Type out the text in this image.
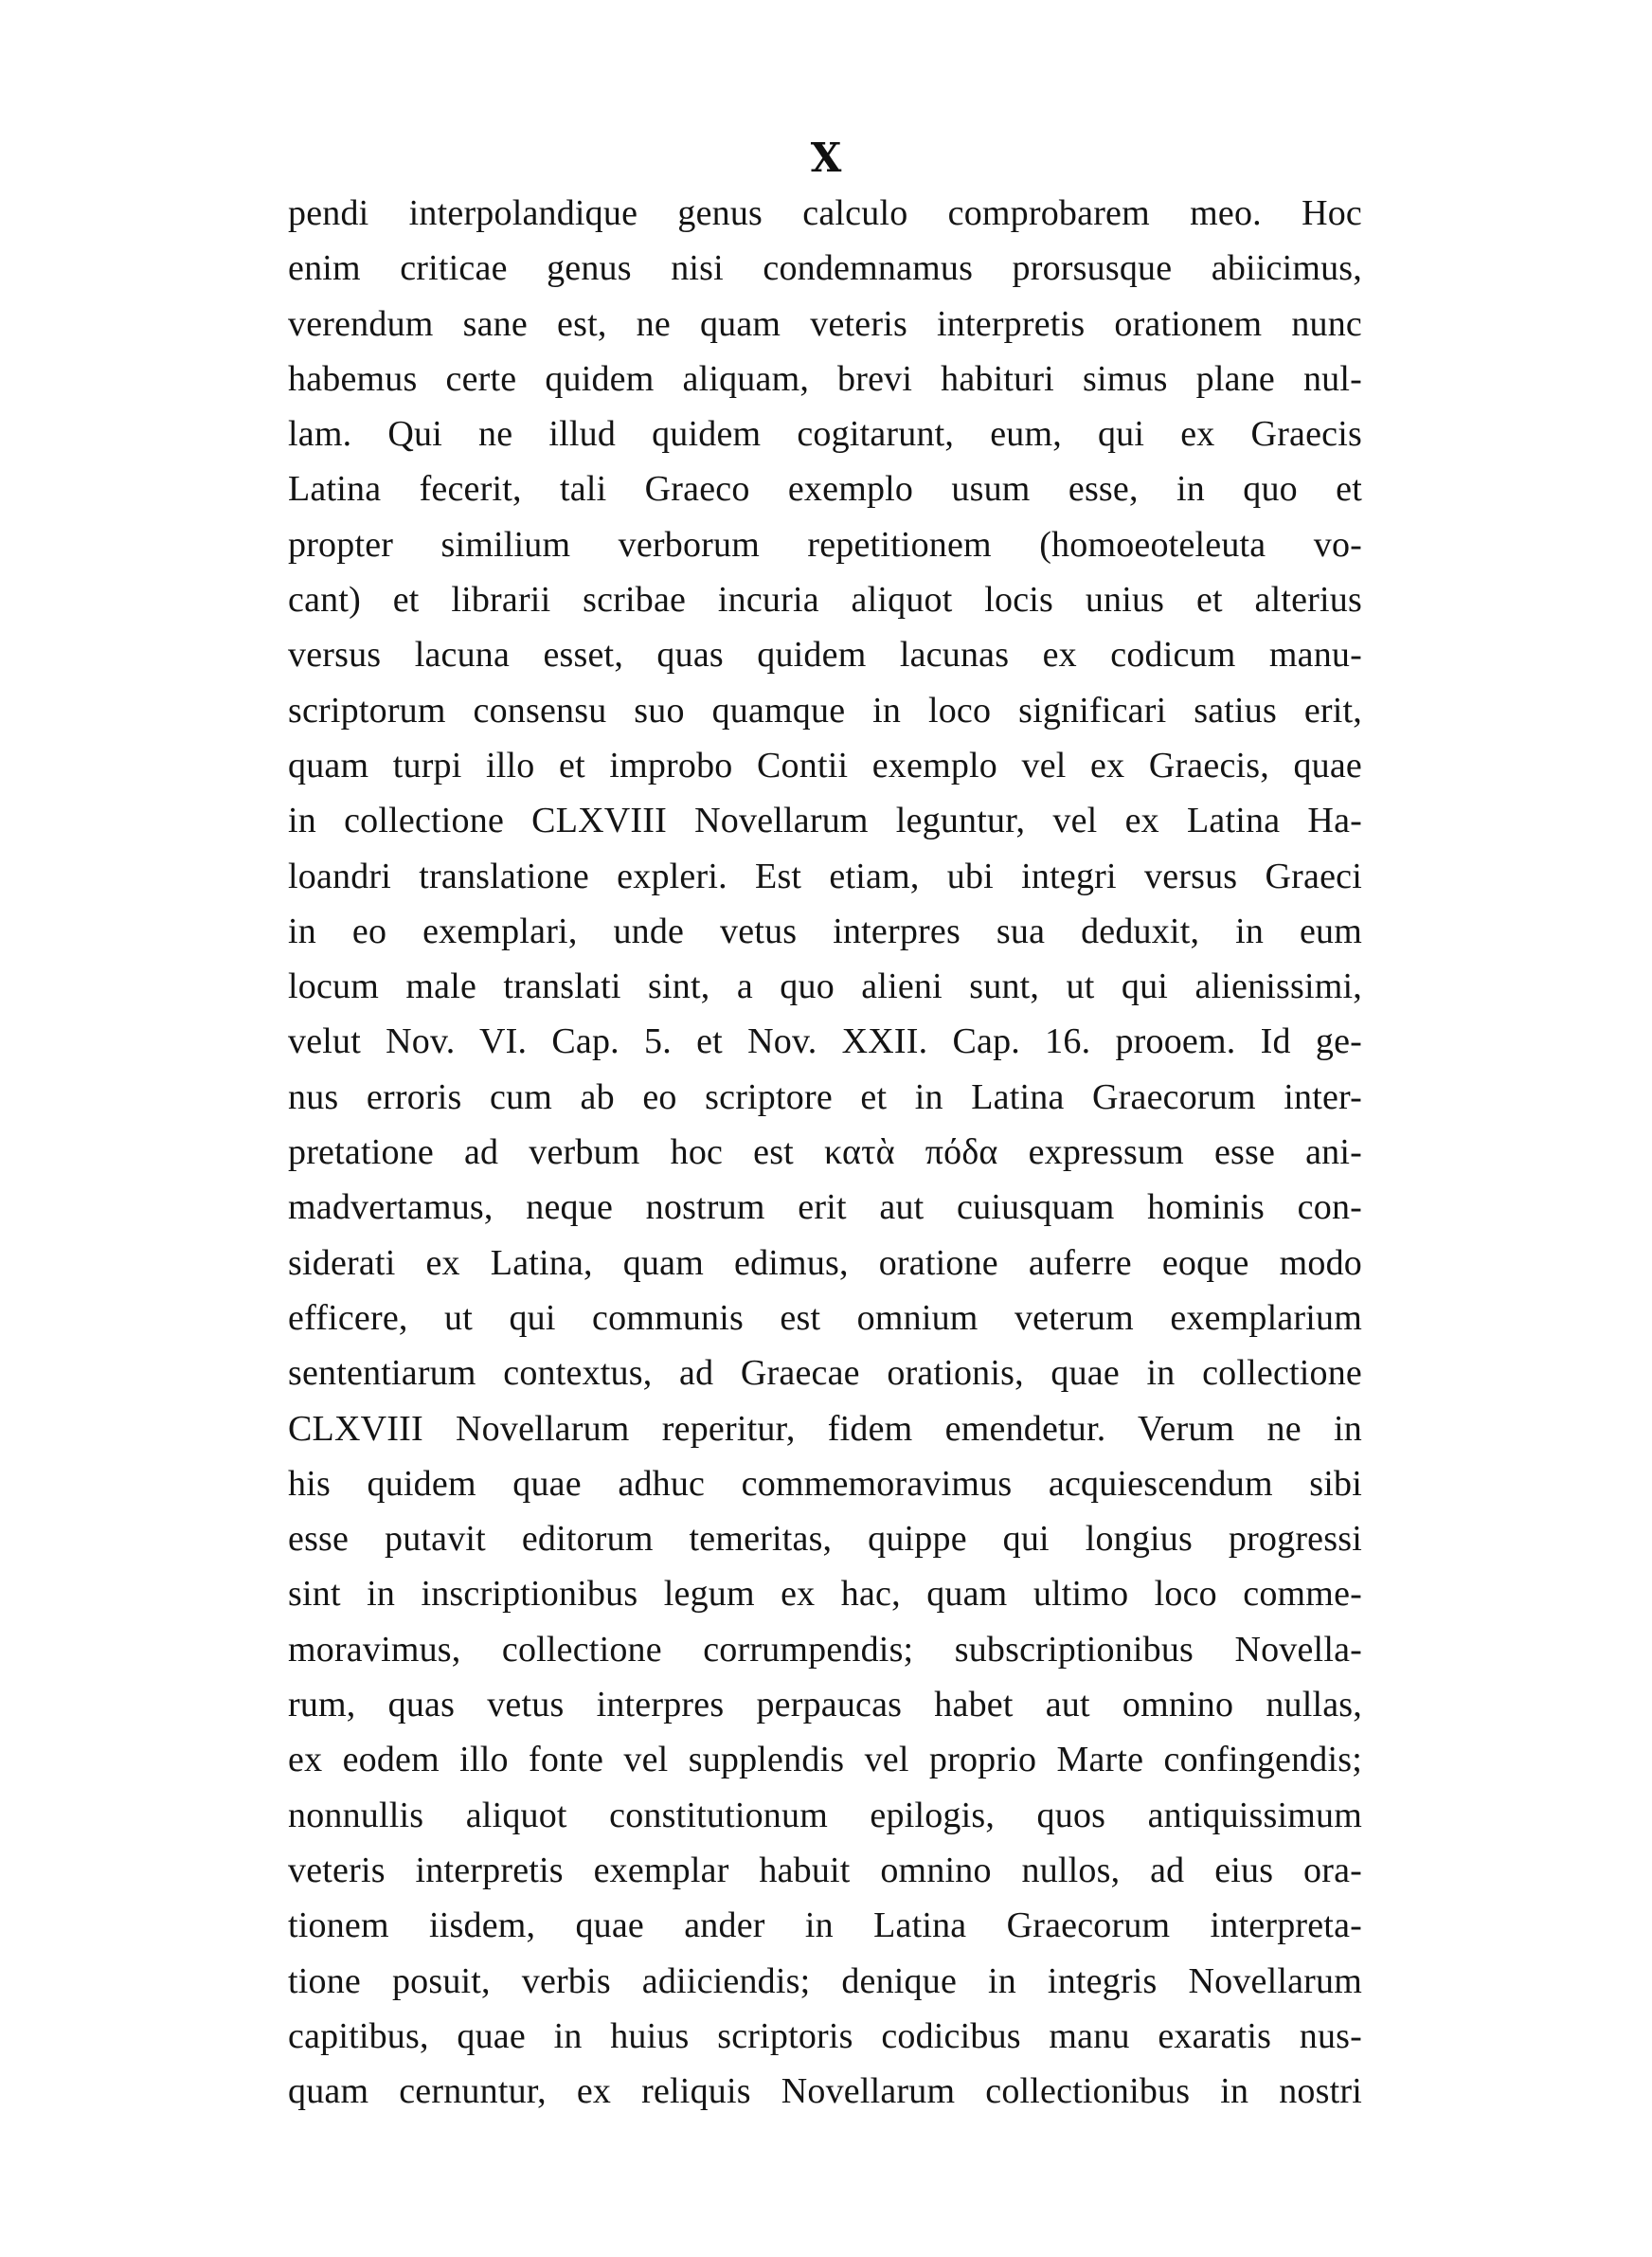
X
pendi interpolandique genus calculo comprobarem meo. Hoc
enim criticae genus nisi condemnamus prorsusque abiicimus,
verendum sane est, ne quam veteris interpretis orationem nunc
habemus certe quidem aliquam, brevi habituri simus plane nul-
lam. Qui ne illud quidem cogitarunt, eum, qui ex Graecis
Latina fecerit, tali Graeco exemplo usum esse, in quo et
propter similium verborum repetitionem (homoeoteleuta vo-
cant) et librarii scribae incuria aliquot locis unius et alterius
versus lacuna esset, quas quidem lacunas ex codicum manu-
scriptorum consensu suo quamque in loco significari satius erit,
quam turpi illo et improbo Contii exemplo vel ex Graecis, quae
in collectione CLXVIII Novellarum leguntur, vel ex Latina Ha-
loandri translatione expleri. Est etiam, ubi integri versus Graeci
in eo exemplari, unde vetus interpres sua deduxit, in eum
locum male translati sint, a quo alieni sunt, ut qui alienissimi,
velut Nov. VI. Cap. 5. et Nov. XXII. Cap. 16. prooem. Id ge-
nus erroris cum ab eo scriptore et in Latina Graecorum inter-
pretatione ad verbum hoc est κατὰ πόδα expressum esse ani-
madvertamus, neque nostrum erit aut cuiusquam hominis con-
siderati ex Latina, quam edimus, oratione auferre eoque modo
efficere, ut qui communis est omnium veterum exemplarium
sententiarum contextus, ad Graecae orationis, quae in collectione
CLXVIII Novellarum reperitur, fidem emendetur. Verum ne in
his quidem quae adhuc commemoravimus acquiescendum sibi
esse putavit editorum temeritas, quippe qui longius progressi
sint in inscriptionibus legum ex hac, quam ultimo loco comme-
moravimus, collectione corrumpendis; subscriptionibus Novella-
rum, quas vetus interpres perpaucas habet aut omnino nullas,
ex eodem illo fonte vel supplendis vel proprio Marte confingendis;
nonnullis aliquot constitutionum epilogis, quos antiquissimum
veteris interpretis exemplar habuit omnino nullos, ad eius ora-
tionem iisdem, quae ander in Latina Graecorum interpreta-
tione posuit, verbis adiiciendis; denique in integris Novellarum
capitibus, quae in huius scriptoris codicibus manu exaratis nus-
quam cernuntur, ex reliquis Novellarum collectionibus in nostri
